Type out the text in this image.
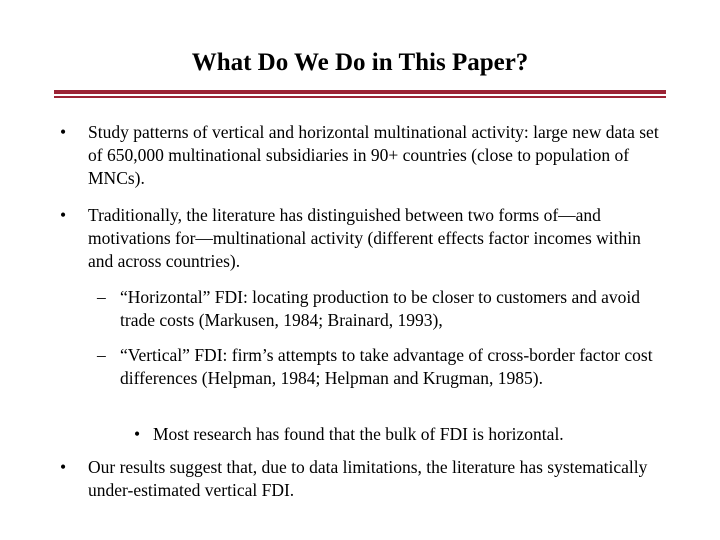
What Do We Do in This Paper?
•	Study patterns of vertical and horizontal multinational activity: large new data set of 650,000 multinational subsidiaries in 90+ countries (close to population of MNCs).
•	Traditionally, the literature has distinguished between two forms of—and motivations for—multinational activity (different effects factor incomes within and across countries).
– “Horizontal” FDI: locating production to be closer to customers and avoid trade costs (Markusen, 1984; Brainard, 1993),
– “Vertical” FDI: firm’s attempts to take advantage of cross-border factor cost differences (Helpman, 1984; Helpman and Krugman, 1985).
• Most research has found that the bulk of FDI is horizontal.
•	Our results suggest that, due to data limitations, the literature has systematically under-estimated vertical FDI.
